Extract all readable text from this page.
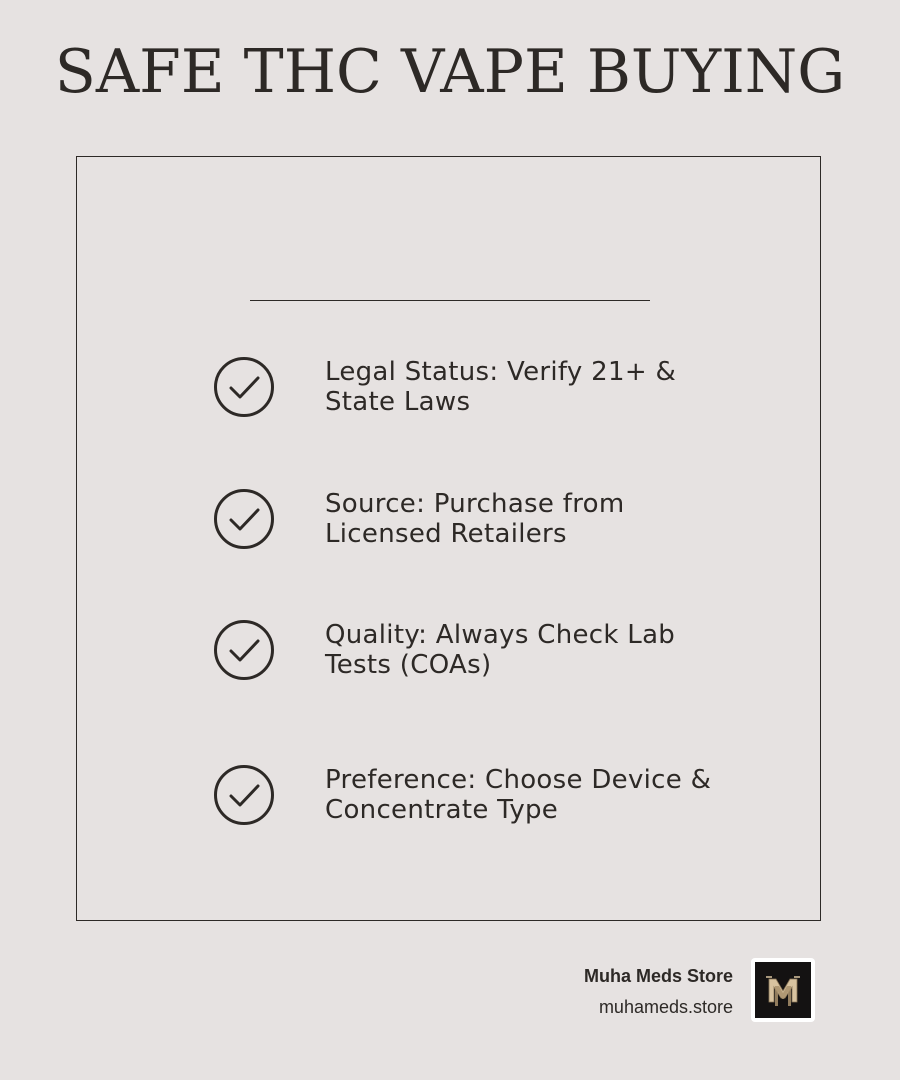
SAFE THC VAPE BUYING
Legal Status: Verify 21+ & State Laws
Source: Purchase from Licensed Retailers
Quality: Always Check Lab Tests (COAs)
Preference: Choose Device & Concentrate Type
Muha Meds Store
muhameds.store
